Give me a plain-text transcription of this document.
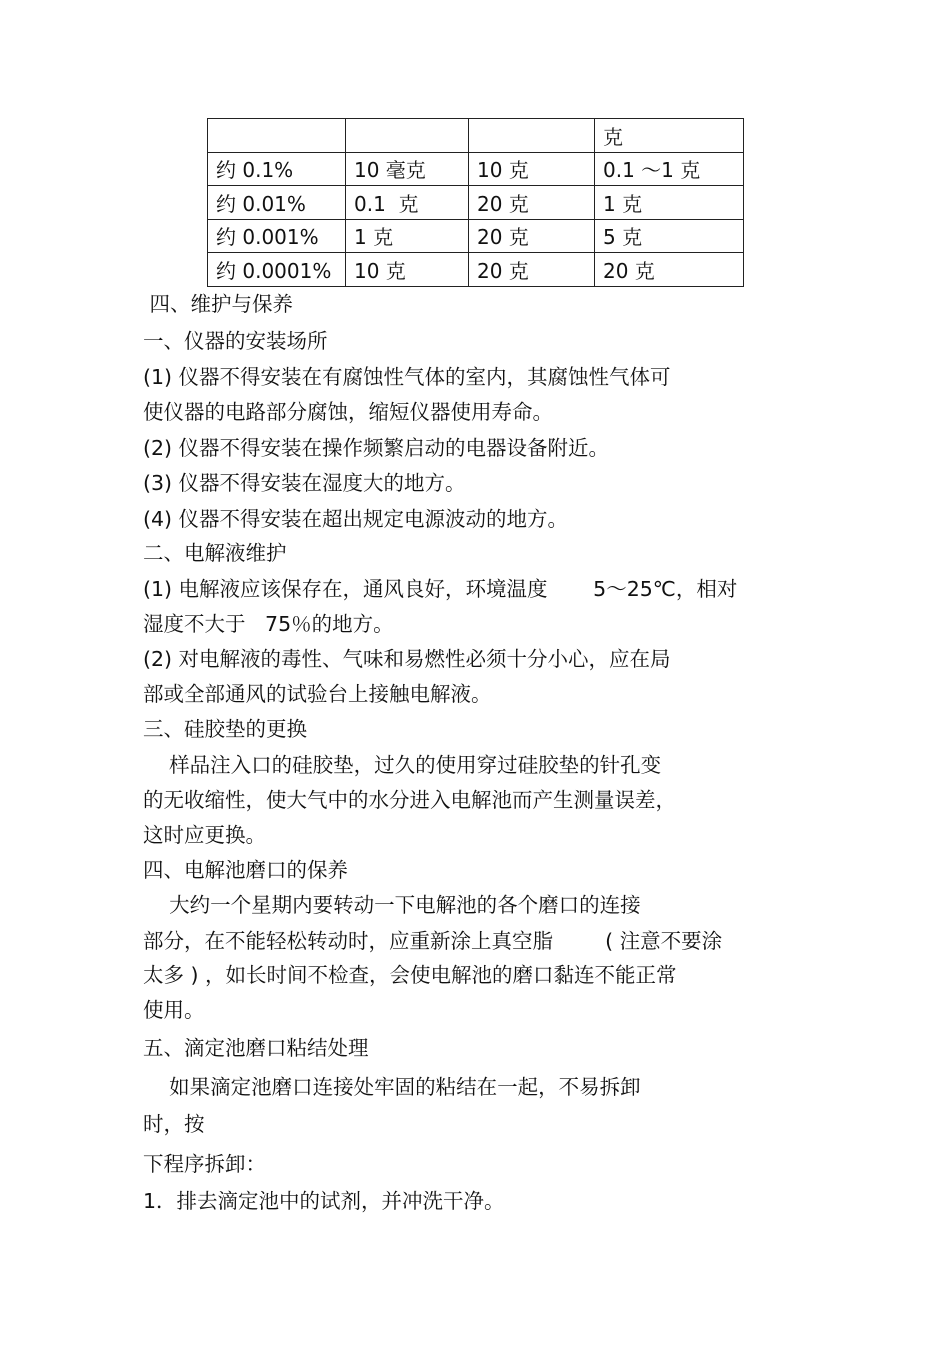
			克
约 0.1%	10 毫克	10 克	0.1 ～1 克
约 0.01%	0.1  克	20 克	1 克
约 0.001%	1 克	20 克	5 克
约 0.0001%	10 克	20 克	20 克
四、维护与保养
一、仪器的安装场所
(1) 仪器不得安装在有腐蚀性气体的室内，其腐蚀性气体可
使仪器的电路部分腐蚀，缩短仪器使用寿命。
(2) 仪器不得安装在操作频繁启动的电器设备附近。
(3) 仪器不得安装在湿度大的地方。
(4) 仪器不得安装在超出规定电源波动的地方。
二、电解液维护
(1) 电解液应该保存在，通风良好，环境温度       5～25℃，相对
湿度不大于   75％的地方。
(2) 对电解液的毒性、气味和易燃性必须十分小心，应在局
部或全部通风的试验台上接触电解液。
三、硅胶垫的更换
样品注入口的硅胶垫，过久的使用穿过硅胶垫的针孔变
的无收缩性，使大气中的水分进入电解池而产生测量误差，
这时应更换。
四、电解池磨口的保养
大约一个星期内要转动一下电解池的各个磨口的连接
部分，在不能轻松转动时，应重新涂上真空脂        ( 注意不要涂
太多 ) ，如长时间不检查，会使电解池的磨口黏连不能正常
使用。
五、滴定池磨口粘结处理
如果滴定池磨口连接处牢固的粘结在一起，不易拆卸
时，按
下程序拆卸：
1．排去滴定池中的试剂，并冲洗干净。
